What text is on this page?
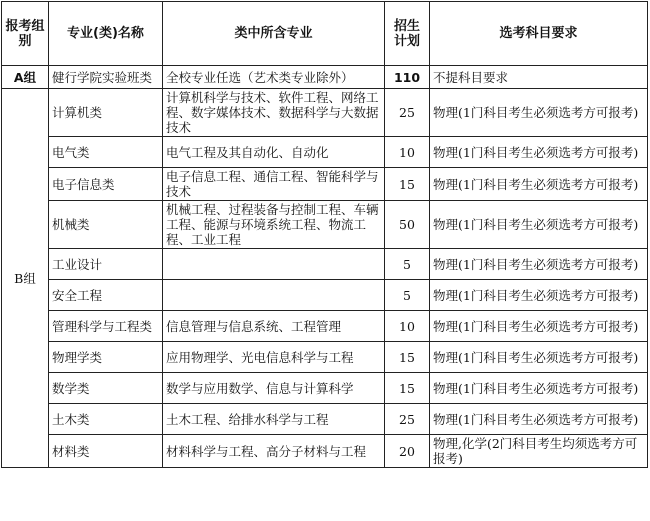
报考组别	专业(类)名称	类中所含专业	招生计划	选考科目要求
A组	健行学院实验班类	全校专业任选（艺术类专业除外）	110	不提科目要求
B组	计算机类	计算机科学与技术、软件工程、网络工程、数字媒体技术、数据科学与大数据技术	25	物理(1门科目考生必须选考方可报考)
	电气类	电气工程及其自动化、自动化	10	物理(1门科目考生必须选考方可报考)
	电子信息类	电子信息工程、通信工程、智能科学与技术	15	物理(1门科目考生必须选考方可报考)
	机械类	机械工程、过程装备与控制工程、车辆工程、能源与环境系统工程、物流工程、工业工程	50	物理(1门科目考生必须选考方可报考)
	工业设计		5	物理(1门科目考生必须选考方可报考)
	安全工程		5	物理(1门科目考生必须选考方可报考)
	管理科学与工程类	信息管理与信息系统、工程管理	10	物理(1门科目考生必须选考方可报考)
	物理学类	应用物理学、光电信息科学与工程	15	物理(1门科目考生必须选考方可报考)
	数学类	数学与应用数学、信息与计算科学	15	物理(1门科目考生必须选考方可报考)
	土木类	土木工程、给排水科学与工程	25	物理(1门科目考生必须选考方可报考)
	材料类	材料科学与工程、高分子材料与工程	20	物理,化学(2门科目考生均须选考方可报考)
